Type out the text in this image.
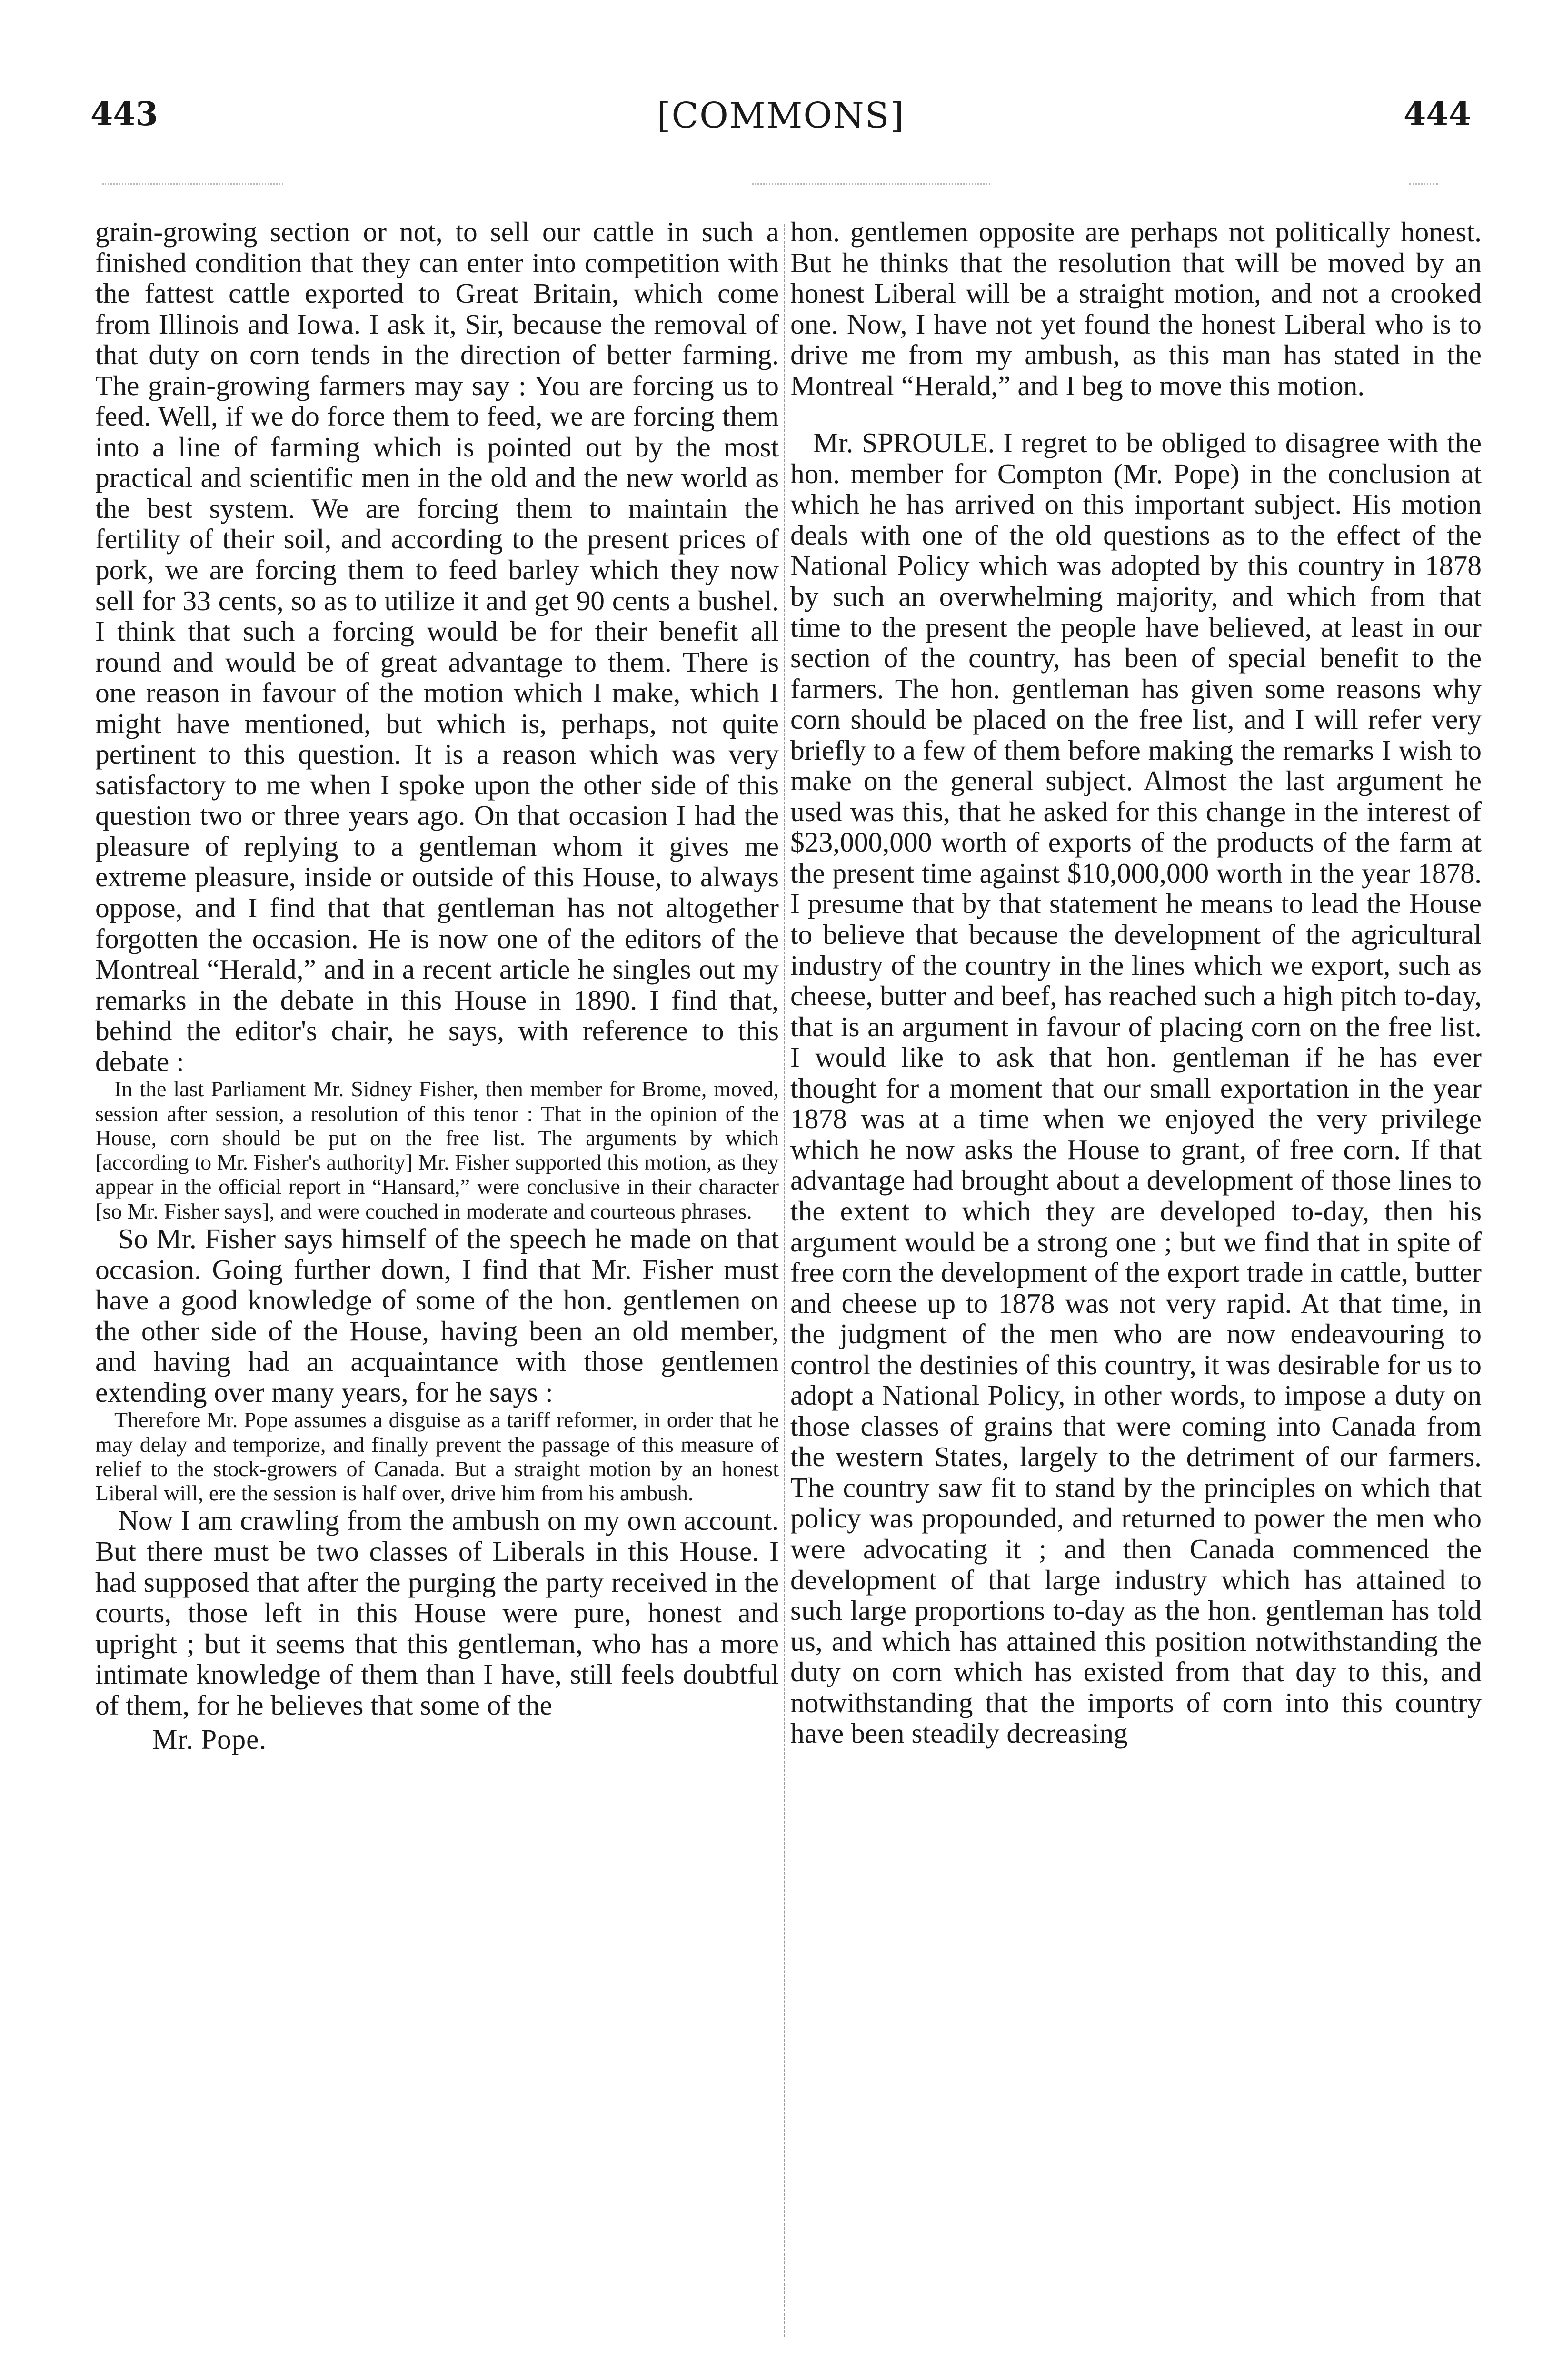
443	[COMMONS]	444

grain-growing section or not, to sell our cattle in such a finished condition that they can enter into competition with the fattest cattle exported to Great Britain, which come from Illinois and Iowa. I ask it, Sir, because the removal of that duty on corn tends in the direction of better farming. The grain-growing farmers may say : You are forcing us to feed. Well, if we do force them to feed, we are forcing them into a line of farming which is pointed out by the most practical and scientific men in the old and the new world as the best system. We are forcing them to maintain the fertility of their soil, and according to the present prices of pork, we are forcing them to feed barley which they now sell for 33 cents, so as to utilize it and get 90 cents a bushel. I think that such a forcing would be for their benefit all round and would be of great advantage to them. There is one reason in favour of the motion which I make, which I might have mentioned, but which is, perhaps, not quite pertinent to this question. It is a reason which was very satisfactory to me when I spoke upon the other side of this question two or three years ago. On that occasion I had the pleasure of replying to a gentleman whom it gives me extreme pleasure, inside or outside of this House, to always oppose, and I find that that gentleman has not altogether forgotten the occasion. He is now one of the editors of the Montreal “Herald,” and in a recent article he singles out my remarks in the debate in this House in 1890. I find that, behind the editor's chair, he says, with reference to this debate :

In the last Parliament Mr. Sidney Fisher, then member for Brome, moved, session after session, a resolution of this tenor : That in the opinion of the House, corn should be put on the free list. The arguments by which [according to Mr. Fisher's authority] Mr. Fisher supported this motion, as they appear in the official report in “Hansard,” were conclusive in their character [so Mr. Fisher says], and were couched in moderate and courteous phrases.

So Mr. Fisher says himself of the speech he made on that occasion. Going further down, I find that Mr. Fisher must have a good knowledge of some of the hon. gentlemen on the other side of the House, having been an old member, and having had an acquaintance with those gentlemen extending over many years, for he says :

Therefore Mr. Pope assumes a disguise as a tariff reformer, in order that he may delay and temporize, and finally prevent the passage of this measure of relief to the stock-growers of Canada. But a straight motion by an honest Liberal will, ere the session is half over, drive him from his ambush.

Now I am crawling from the ambush on my own account. But there must be two classes of Liberals in this House. I had supposed that after the purging the party received in the courts, those left in this House were pure, honest and upright ; but it seems that this gentleman, who has a more intimate knowledge of them than I have, still feels doubtful of them, for he believes that some of the

Mr. Pope.

hon. gentlemen opposite are perhaps not politically honest. But he thinks that the resolution that will be moved by an honest Liberal will be a straight motion, and not a crooked one. Now, I have not yet found the honest Liberal who is to drive me from my ambush, as this man has stated in the Montreal “Herald,” and I beg to move this motion.

Mr. SPROULE. I regret to be obliged to disagree with the hon. member for Compton (Mr. Pope) in the conclusion at which he has arrived on this important subject. His motion deals with one of the old questions as to the effect of the National Policy which was adopted by this country in 1878 by such an overwhelming majority, and which from that time to the present the people have believed, at least in our section of the country, has been of special benefit to the farmers. The hon. gentleman has given some reasons why corn should be placed on the free list, and I will refer very briefly to a few of them before making the remarks I wish to make on the general subject. Almost the last argument he used was this, that he asked for this change in the interest of $23,000,000 worth of exports of the products of the farm at the present time against $10,000,000 worth in the year 1878. I presume that by that statement he means to lead the House to believe that because the development of the agricultural industry of the country in the lines which we export, such as cheese, butter and beef, has reached such a high pitch to-day, that is an argument in favour of placing corn on the free list. I would like to ask that hon. gentleman if he has ever thought for a moment that our small exportation in the year 1878 was at a time when we enjoyed the very privilege which he now asks the House to grant, of free corn. If that advantage had brought about a development of those lines to the extent to which they are developed to-day, then his argument would be a strong one ; but we find that in spite of free corn the development of the export trade in cattle, butter and cheese up to 1878 was not very rapid. At that time, in the judgment of the men who are now endeavouring to control the destinies of this country, it was desirable for us to adopt a National Policy, in other words, to impose a duty on those classes of grains that were coming into Canada from the western States, largely to the detriment of our farmers. The country saw fit to stand by the principles on which that policy was propounded, and returned to power the men who were advocating it ; and then Canada commenced the development of that large industry which has attained to such large proportions to-day as the hon. gentleman has told us, and which has attained this position notwithstanding the duty on corn which has existed from that day to this, and notwithstanding that the imports of corn into this country have been steadily decreasing
